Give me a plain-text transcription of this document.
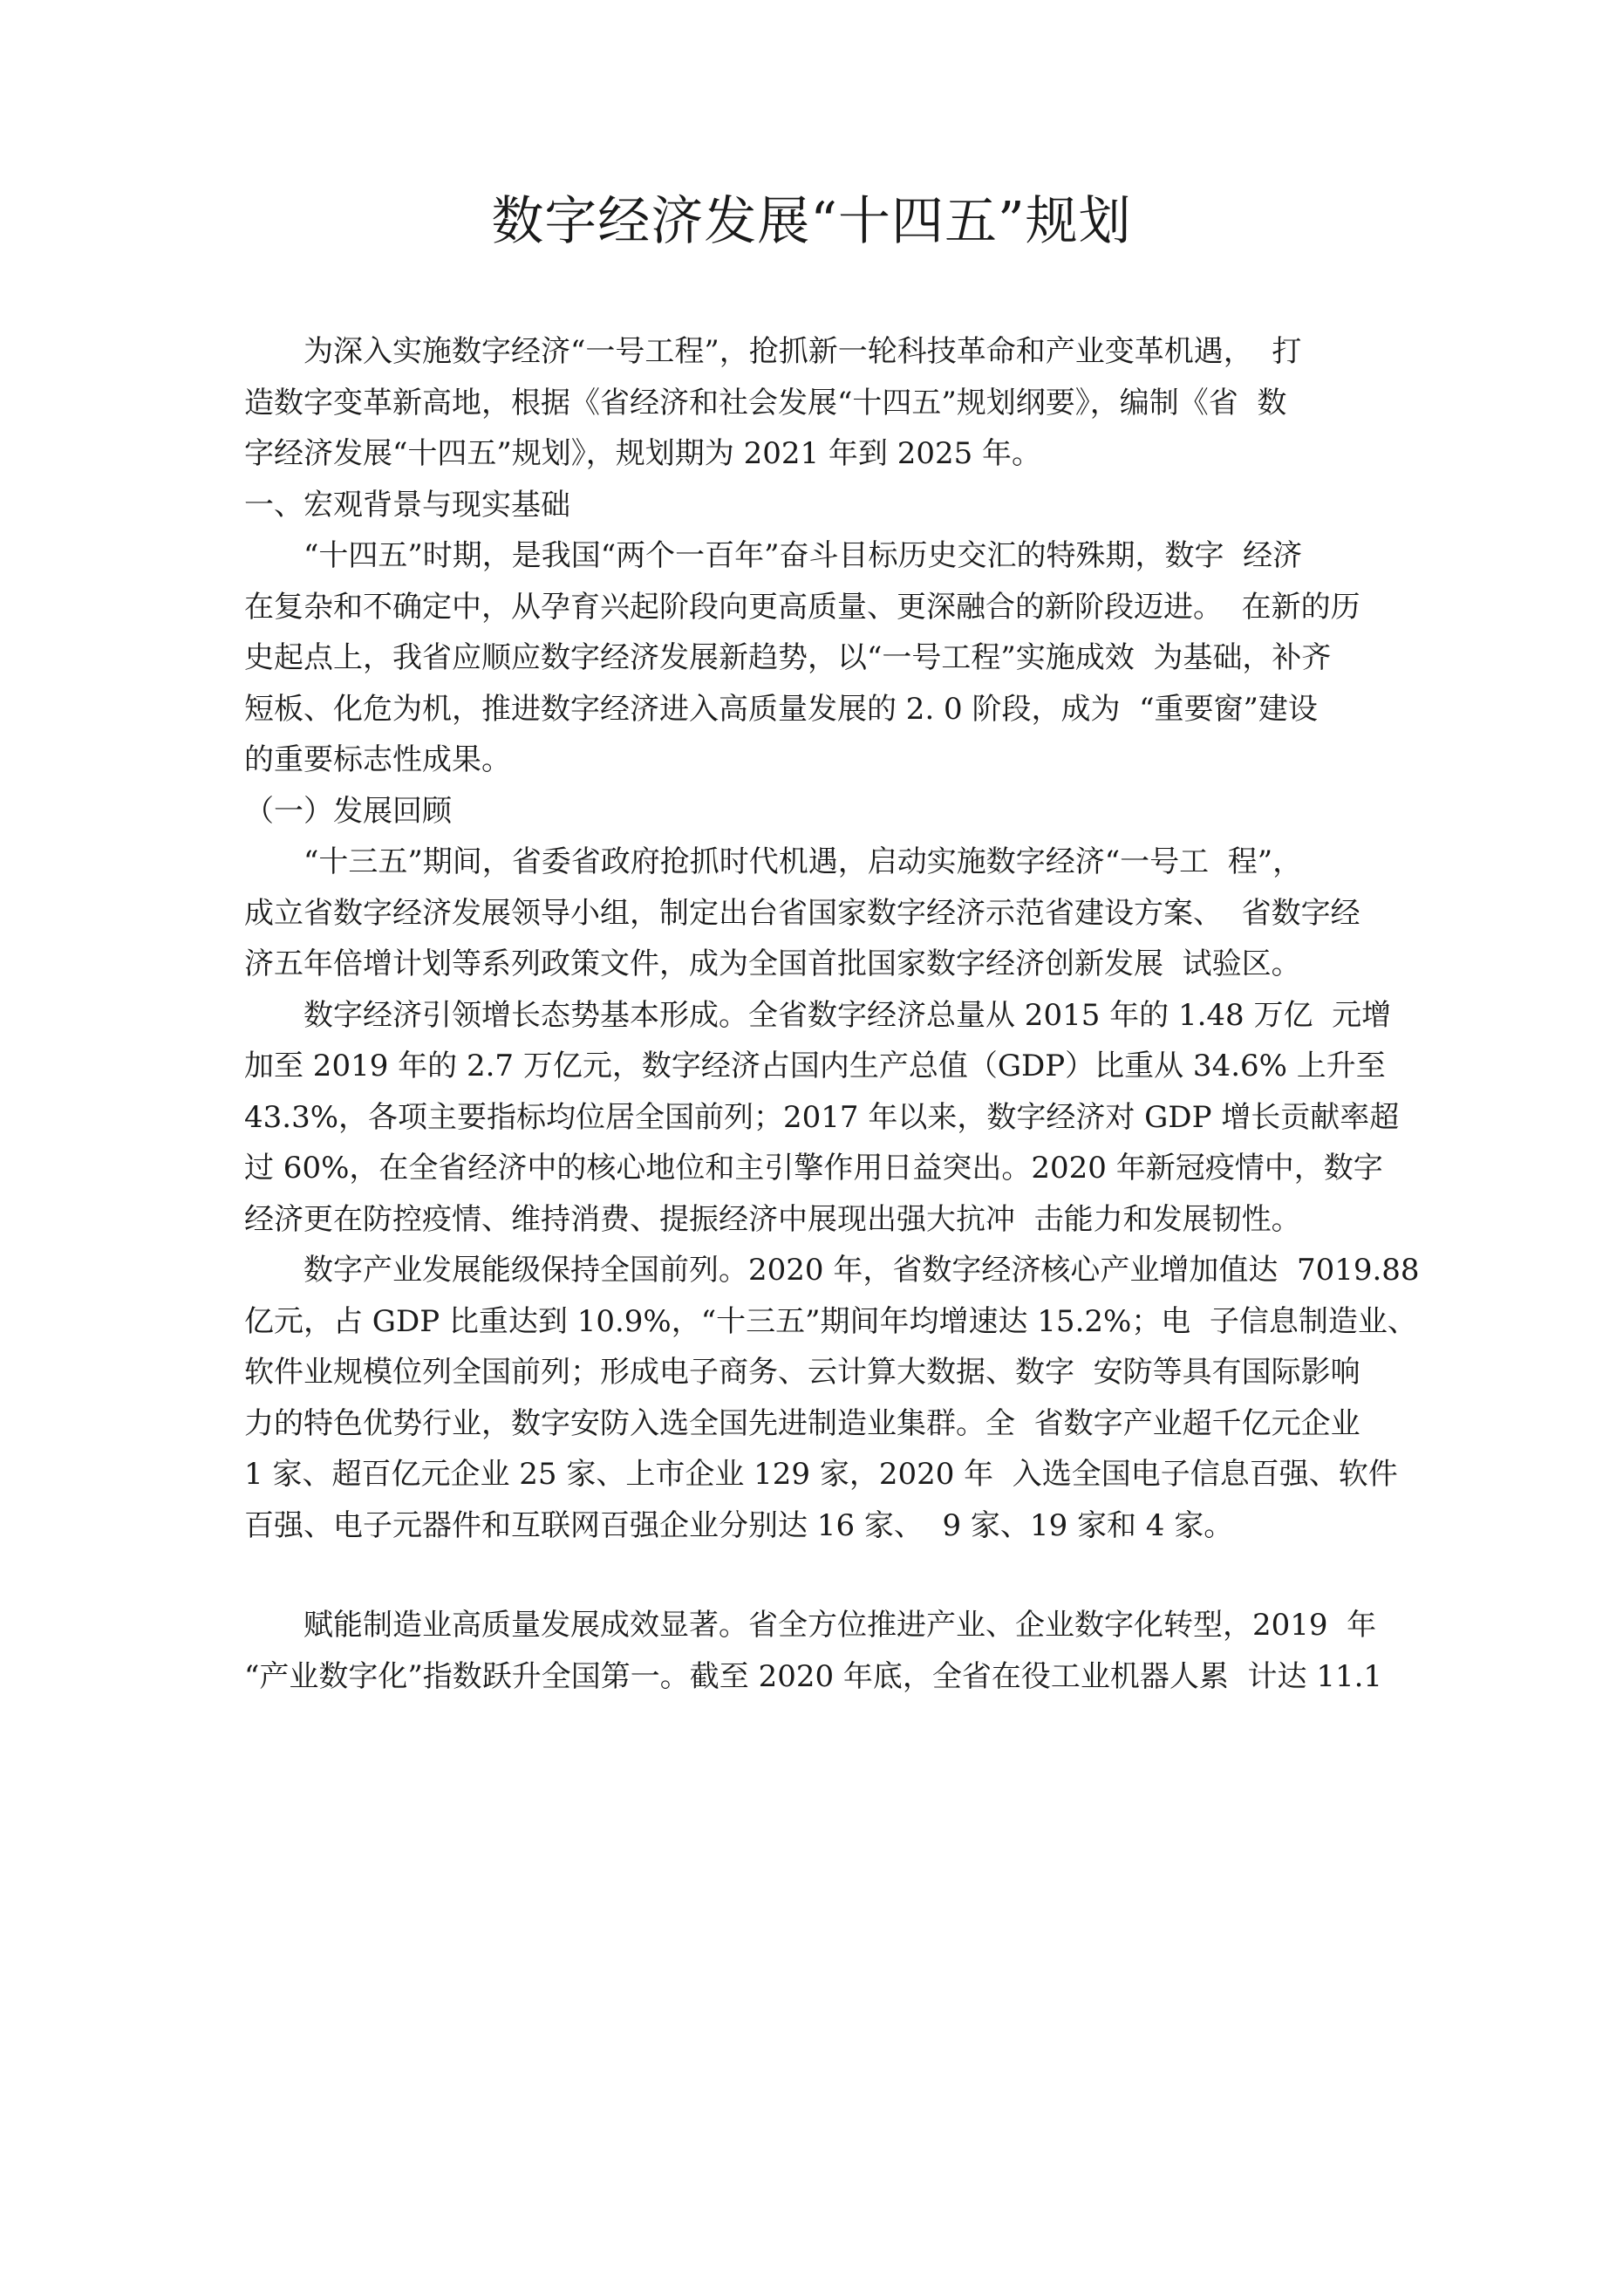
数字经济发展“十四五”规划
为深入实施数字经济“一号工程”，抢抓新一轮科技革命和产业变革机遇，  打
造数字变革新高地，根据《省经济和社会发展“十四五”规划纲要》，编制《省  数
字经济发展“十四五”规划》，规划期为 2021 年到 2025 年。
一、宏观背景与现实基础
“十四五”时期，是我国“两个一百年”奋斗目标历史交汇的特殊期，数字  经济
在复杂和不确定中，从孕育兴起阶段向更高质量、更深融合的新阶段迈进。  在新的历
史起点上，我省应顺应数字经济发展新趋势，以“一号工程”实施成效  为基础，补齐
短板、化危为机，推进数字经济进入高质量发展的 2. 0 阶段，成为  “重要窗”建设
的重要标志性成果。
（一）发展回顾
“十三五”期间，省委省政府抢抓时代机遇，启动实施数字经济“一号工  程”，
成立省数字经济发展领导小组，制定出台省国家数字经济示范省建设方案、  省数字经
济五年倍增计划等系列政策文件，成为全国首批国家数字经济创新发展  试验区。
数字经济引领增长态势基本形成。全省数字经济总量从 2015 年的 1.48 万亿  元增
加至 2019 年的 2.7 万亿元，数字经济占国内生产总值（GDP）比重从 34.6% 上升至
43.3%，各项主要指标均位居全国前列；2017 年以来，数字经济对 GDP 增长贡献率超
过 60%，在全省经济中的核心地位和主引擎作用日益突出。2020 年新冠疫情中，数字
经济更在防控疫情、维持消费、提振经济中展现出强大抗冲  击能力和发展韧性。
数字产业发展能级保持全国前列。2020 年，省数字经济核心产业增加值达  7019.88
亿元，占 GDP 比重达到 10.9%，“十三五”期间年均增速达 15.2%；电  子信息制造业、
软件业规模位列全国前列；形成电子商务、云计算大数据、数字  安防等具有国际影响
力的特色优势行业，数字安防入选全国先进制造业集群。全  省数字产业超千亿元企业
1 家、超百亿元企业 25 家、上市企业 129 家，2020 年  入选全国电子信息百强、软件
百强、电子元器件和互联网百强企业分别达 16 家、  9 家、19 家和 4 家。
赋能制造业高质量发展成效显著。省全方位推进产业、企业数字化转型，2019  年
“产业数字化”指数跃升全国第一。截至 2020 年底，全省在役工业机器人累  计达 11.1
